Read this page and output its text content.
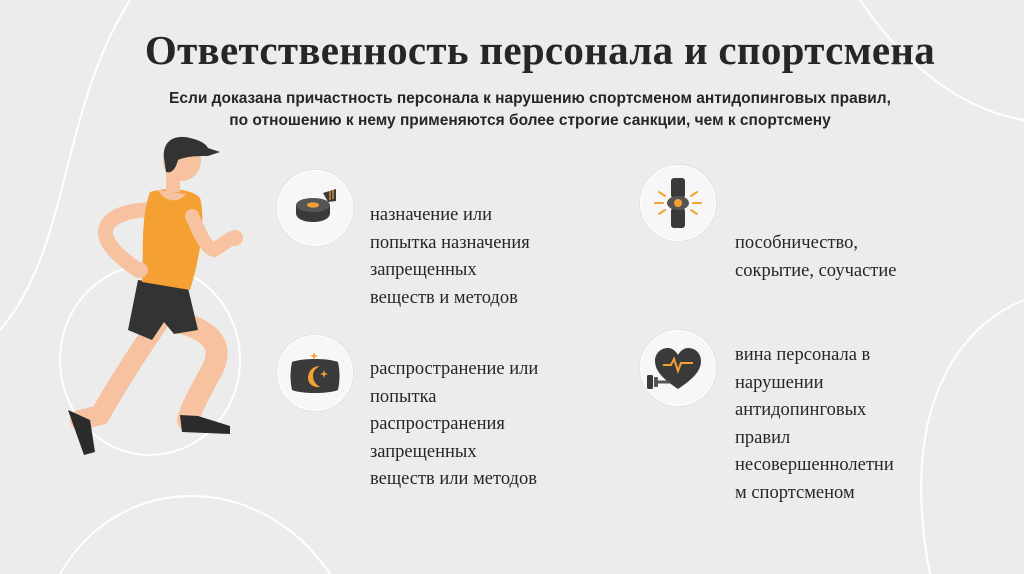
Ответственность персонала и спортсмена
Если доказана причастность персонала к нарушению спортсменом антидопинговых правил,
по отношению к нему применяются более строгие санкции, чем к спортсмену
назначение или
попытка назначения
запрещенных
веществ и методов
пособничество,
сокрытие, соучастие
распространение или
попытка
распространения
запрещенных
веществ или методов
вина персонала в
нарушении
антидопинговых
правил
несовершеннолетни
м спортсменом
